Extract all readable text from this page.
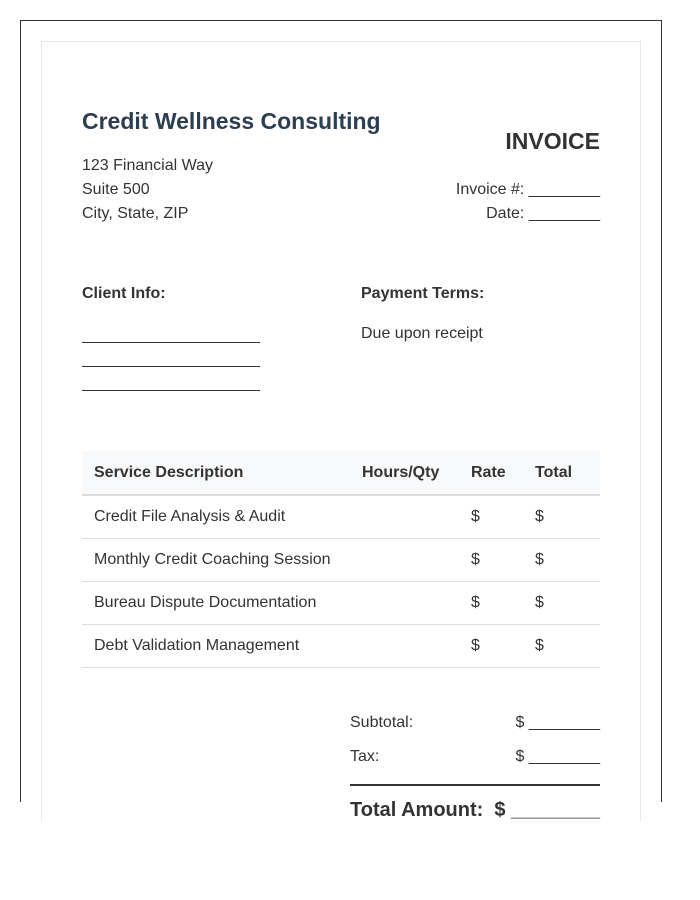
Credit Wellness Consulting
INVOICE
123 Financial Way
Suite 500
City, State, ZIP
Invoice #: ________
Date: ________
Client Info:	Payment Terms:
Due upon receipt
Service Description	Hours/Qty	Rate	Total
Credit File Analysis & Audit		$	$
Monthly Credit Coaching Session		$	$
Bureau Dispute Documentation		$	$
Debt Validation Management		$	$
Subtotal:	$ ________
Tax:	$ ________
Total Amount: $ ________
